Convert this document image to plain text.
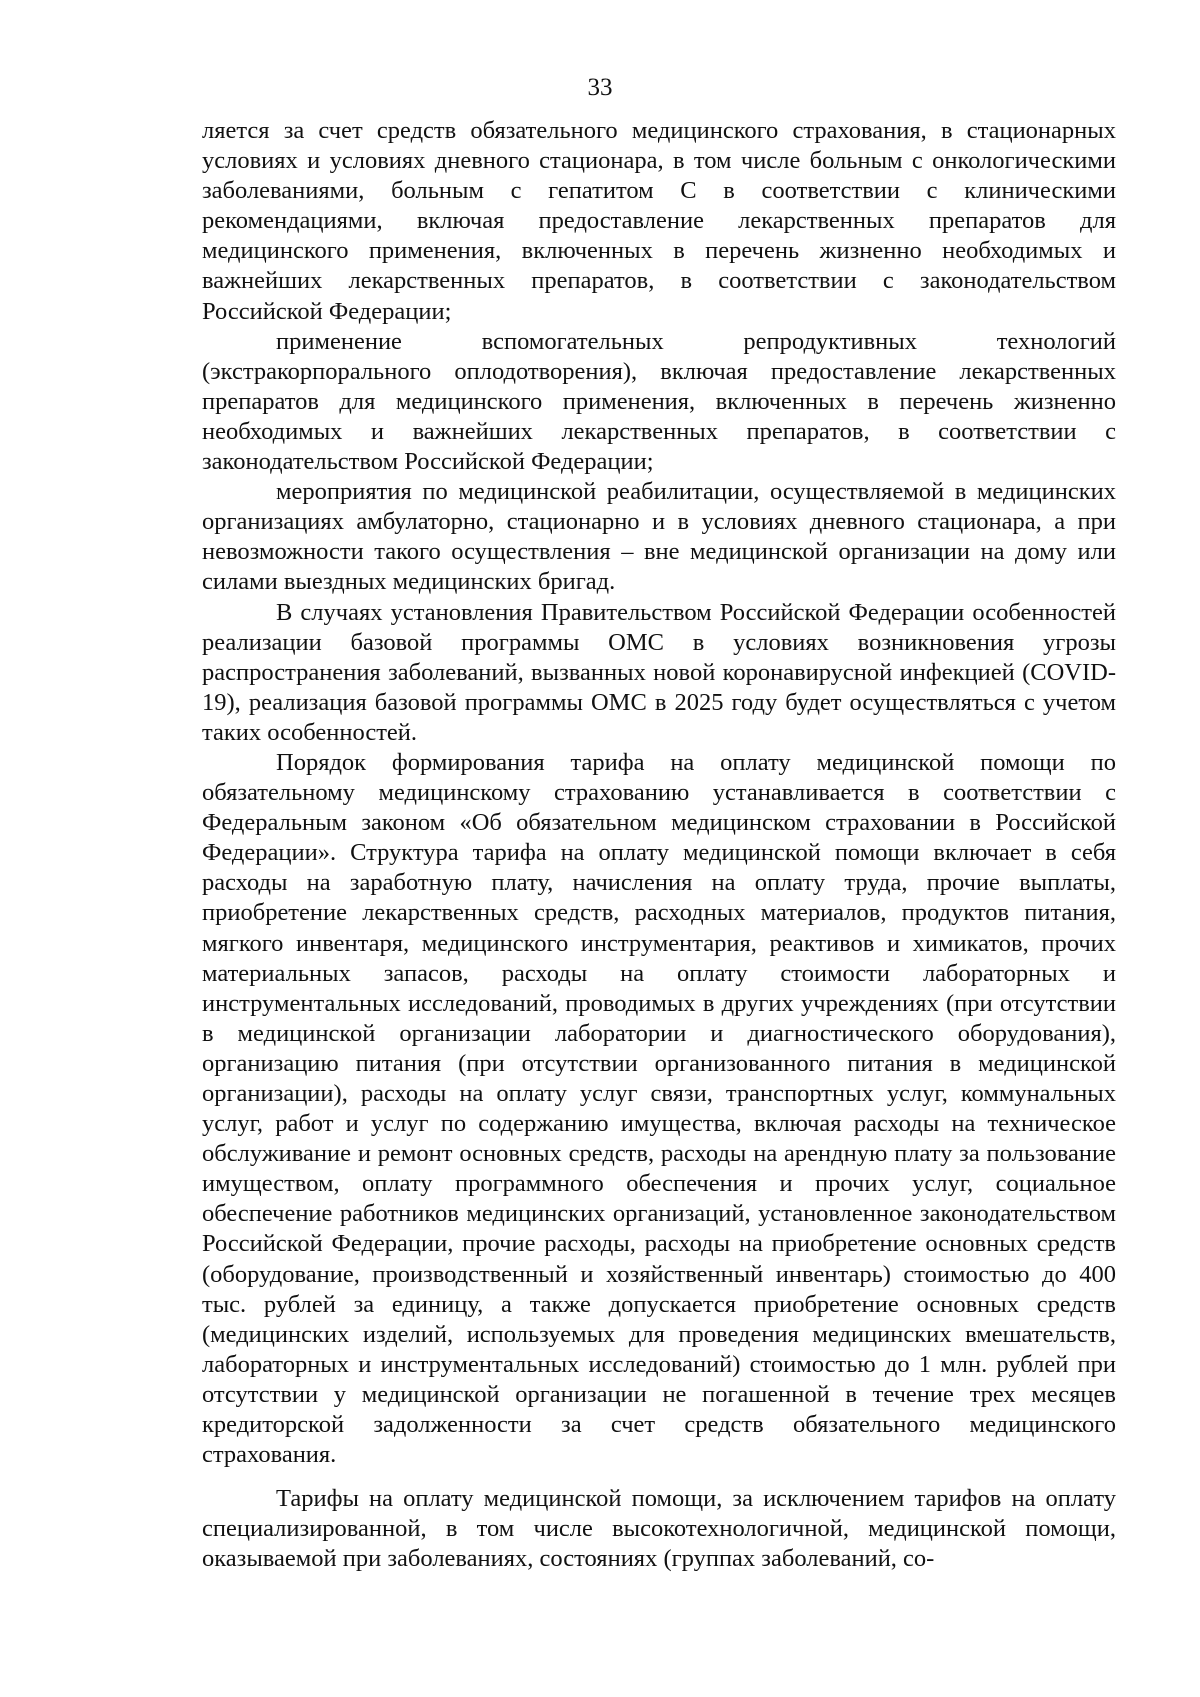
33

ляется за счет средств обязательного медицинского страхования, в стационарных условиях и условиях дневного стационара, в том числе больным с онкологическими заболеваниями, больным с гепатитом С в соответствии с клиническими рекомендациями, включая предоставление лекарственных препаратов для медицинского применения, включенных в перечень жизненно необходимых и важнейших лекарственных препаратов, в соответствии с законодательством Российской Федерации;

применение вспомогательных репродуктивных технологий (экстракорпорального оплодотворения), включая предоставление лекарственных препаратов для медицинского применения, включенных в перечень жизненно необходимых и важнейших лекарственных препаратов, в соответствии с законодательством Российской Федерации;

мероприятия по медицинской реабилитации, осуществляемой в медицинских организациях амбулаторно, стационарно и в условиях дневного стационара, а при невозможности такого осуществления – вне медицинской организации на дому или силами выездных медицинских бригад.

В случаях установления Правительством Российской Федерации особенностей реализации базовой программы ОМС в условиях возникновения угрозы распространения заболеваний, вызванных новой коронавирусной инфекцией (COVID-19), реализация базовой программы ОМС в 2025 году будет осуществляться с учетом таких особенностей.

Порядок формирования тарифа на оплату медицинской помощи по обязательному медицинскому страхованию устанавливается в соответствии с Федеральным законом «Об обязательном медицинском страховании в Российской Федерации». Структура тарифа на оплату медицинской помощи включает в себя расходы на заработную плату, начисления на оплату труда, прочие выплаты, приобретение лекарственных средств, расходных материалов, продуктов питания, мягкого инвентаря, медицинского инструментария, реактивов и химикатов, прочих материальных запасов, расходы на оплату стоимости лабораторных и инструментальных исследований, проводимых в других учреждениях (при отсутствии в медицинской организации лаборатории и диагностического оборудования), организацию питания (при отсутствии организованного питания в медицинской организации), расходы на оплату услуг связи, транспортных услуг, коммунальных услуг, работ и услуг по содержанию имущества, включая расходы на техническое обслуживание и ремонт основных средств, расходы на арендную плату за пользование имуществом, оплату программного обеспечения и прочих услуг, социальное обеспечение работников медицинских организаций, установленное законодательством Российской Федерации, прочие расходы, расходы на приобретение основных средств (оборудование, производственный и хозяйственный инвентарь) стоимостью до 400 тыс. рублей за единицу, а также допускается приобретение основных средств (медицинских изделий, используемых для проведения медицинских вмешательств, лабораторных и инструментальных исследований) стоимостью до 1 млн. рублей при отсутствии у медицинской организации не погашенной в течение трех месяцев кредиторской задолженности за счет средств обязательного медицинского страхования.

Тарифы на оплату медицинской помощи, за исключением тарифов на оплату специализированной, в том числе высокотехнологичной, медицинской помощи, оказываемой при заболеваниях, состояниях (группах заболеваний, со-
